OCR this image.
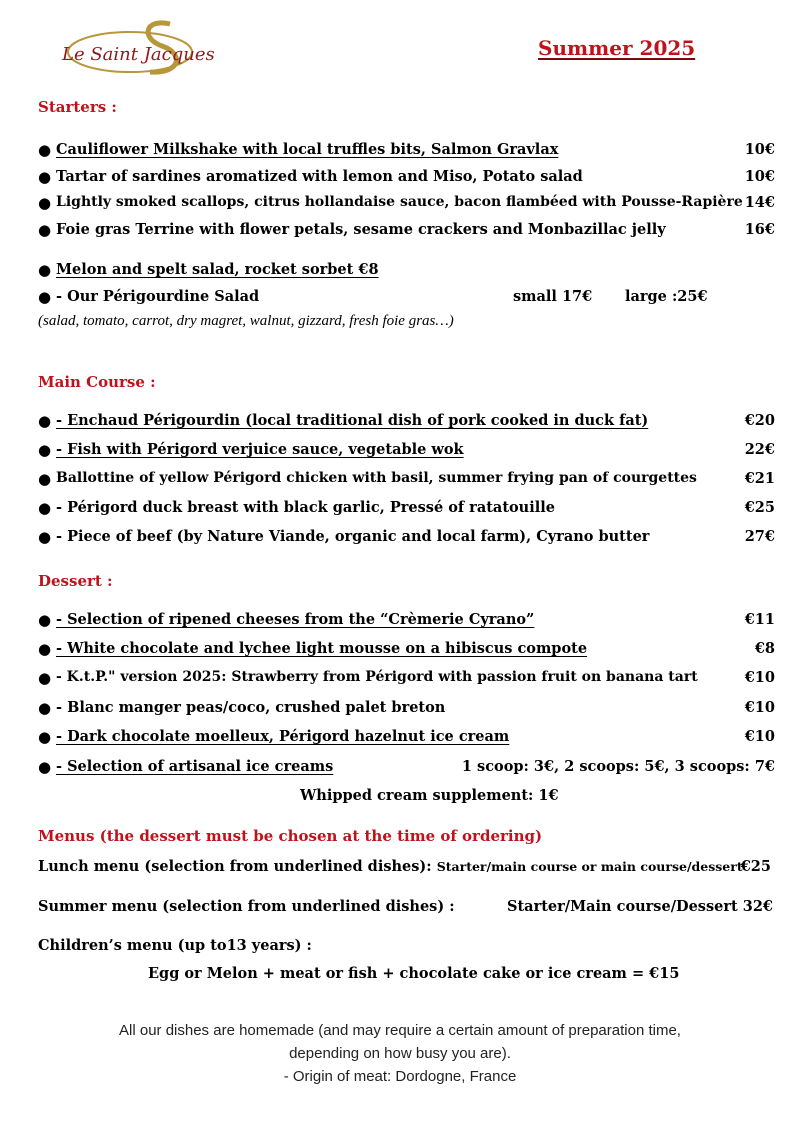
Le Saint Jacques	Summer 2025
Starters :
● Cauliflower Milkshake with local truffles bits, Salmon Gravlax	10€
● Tartar of sardines aromatized with lemon and Miso, Potato salad	10€
● Lightly smoked scallops, citrus hollandaise sauce, bacon flambéed with Pousse-Rapière 14€
● Foie gras Terrine with flower petals, sesame crackers and Monbazillac jelly	16€
● Melon and spelt salad, rocket sorbet €8
● - Our Périgourdine Salad	small 17€ large :25€
(salad, tomato, carrot, dry magret, walnut, gizzard, fresh foie gras…)
Main Course :
● - Enchaud Périgourdin (local traditional dish of pork cooked in duck fat)	€20
● - Fish with Périgord verjuice sauce, vegetable wok	22€
● Ballottine of yellow Périgord chicken with basil, summer frying pan of courgettes	€21
● - Périgord duck breast with black garlic, Pressé of ratatouille	€25
● - Piece of beef (by Nature Viande, organic and local farm), Cyrano butter	27€
Dessert :
● - Selection of ripened cheeses from the “Crèmerie Cyrano”	€11
● - White chocolate and lychee light mousse on a hibiscus compote	€8
● - K.t.P." version 2025: Strawberry from Périgord with passion fruit on banana tart	€10
● - Blanc manger peas/coco, crushed palet breton	€10
● - Dark chocolate moelleux, Périgord hazelnut ice cream	€10
● - Selection of artisanal ice creams	1 scoop: 3€, 2 scoops: 5€, 3 scoops: 7€
Whipped cream supplement: 1€
Menus (the dessert must be chosen at the time of ordering)
Lunch menu (selection from underlined dishes): Starter/main course or main course/dessert
€25
Summer menu (selection from underlined dishes) :	Starter/Main course/Dessert 32€
Children’s menu (up to13 years) :
Egg or Melon + meat or fish + chocolate cake or ice cream = €15
All our dishes are homemade (and may require a certain amount of preparation time,
depending on how busy you are).
- Origin of meat: Dordogne, France
